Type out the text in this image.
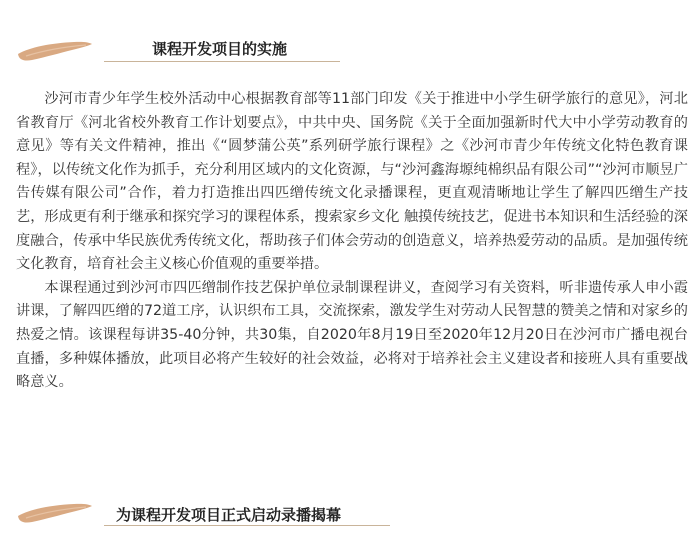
课程开发项目的实施

沙河市青少年学生校外活动中心根据教育部等11部门印发《关于推进中小学生研学旅行的意见》，河北省教育厅《河北省校外教育工作计划要点》，中共中央、国务院《关于全面加强新时代大中小学劳动教育的意见》等有关文件精神，推出《“圆梦蒲公英”系列研学旅行课程》之《沙河市青少年传统文化特色教育课程》，以传统文化作为抓手，充分利用区域内的文化资源，与“沙河鑫海塬纯棉织品有限公司”“沙河市顺昱广告传媒有限公司”合作，着力打造推出四匹缯传统文化录播课程，更直观清晰地让学生了解四匹缯生产技艺，形成更有利于继承和探究学习的课程体系，搜索家乡文化 触摸传统技艺，促进书本知识和生活经验的深度融合，传承中华民族优秀传统文化，帮助孩子们体会劳动的创造意义，培养热爱劳动的品质。是加强传统文化教育，培育社会主义核心价值观的重要举措。

本课程通过到沙河市四匹缯制作技艺保护单位录制课程讲义，查阅学习有关资料，听非遗传承人申小霞讲课，了解四匹缯的72道工序，认识织布工具，交流探索，激发学生对劳动人民智慧的赞美之情和对家乡的热爱之情。该课程每讲35-40分钟，共30集，自2020年8月19日至2020年12月20日在沙河市广播电视台直播，多种媒体播放，此项目必将产生较好的社会效益，必将对于培养社会主义建设者和接班人具有重要战略意义。

为课程开发项目正式启动录播揭幕
